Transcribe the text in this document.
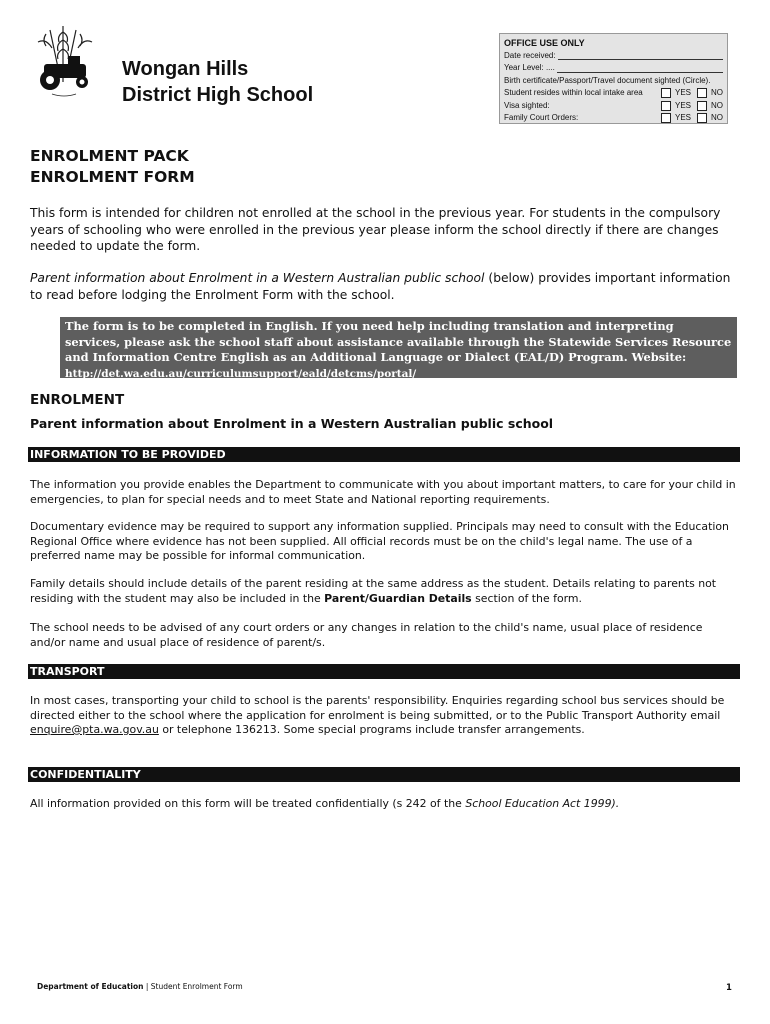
Wongan Hills
District High School
OFFICE USE ONLY
Date received:
Year Level: ....
Birth certificate/Passport/Travel document sighted (Circle).
Student resides within local intake area	YES	NO
Visa sighted:	YES	NO
Family Court Orders:	YES	NO
ENROLMENT PACK
ENROLMENT FORM
This form is intended for children not enrolled at the school in the previous year. For students in the compulsory years of schooling who were enrolled in the previous year please inform the school directly if there are changes needed to update the form.
Parent information about Enrolment in a Western Australian public school (below) provides important information to read before lodging the Enrolment Form with the school.
The form is to be completed in English. If you need help including translation and interpreting services, please ask the school staff about assistance available through the Statewide Services Resource and Information Centre English as an Additional Language or Dialect (EAL/D) Program. Website:
http://det.wa.edu.au/curriculumsupport/eald/detcms/portal/
ENROLMENT
Parent information about Enrolment in a Western Australian public school
INFORMATION TO BE PROVIDED
The information you provide enables the Department to communicate with you about important matters, to care for your child in emergencies, to plan for special needs and to meet State and National reporting requirements.
Documentary evidence may be required to support any information supplied. Principals may need to consult with the Education Regional Office where evidence has not been supplied. All official records must be on the child's legal name. The use of a preferred name may be possible for informal communication.
Family details should include details of the parent residing at the same address as the student. Details relating to parents not residing with the student may also be included in the Parent/Guardian Details section of the form.
The school needs to be advised of any court orders or any changes in relation to the child's name, usual place of residence and/or name and usual place of residence of parent/s.
TRANSPORT
In most cases, transporting your child to school is the parents' responsibility. Enquiries regarding school bus services should be directed either to the school where the application for enrolment is being submitted, or to the Public Transport Authority email enquire@pta.wa.gov.au or telephone 136213. Some special programs include transfer arrangements.
CONFIDENTIALITY
All information provided on this form will be treated confidentially (s 242 of the School Education Act 1999).
Department of Education | Student Enrolment Form	1
